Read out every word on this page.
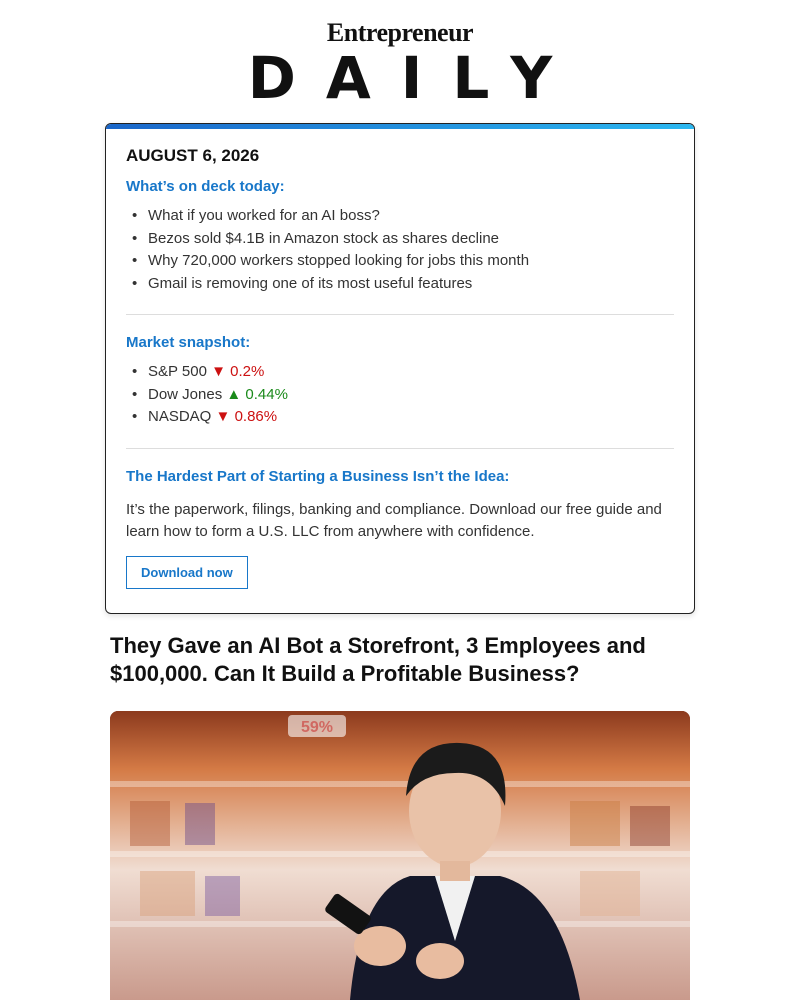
Entrepreneur
DAILY
AUGUST 6, 2026
What’s on deck today:
• What if you worked for an AI boss?
• Bezos sold $4.1B in Amazon stock as shares decline
• Why 720,000 workers stopped looking for jobs this month
• Gmail is removing one of its most useful features
Market snapshot:
• S&P 500 ▼ 0.2%
• Dow Jones ▲ 0.44%
• NASDAQ ▼ 0.86%
The Hardest Part of Starting a Business Isn’t the Idea:
It’s the paperwork, filings, banking and compliance. Download our free guide and learn how to form a U.S. LLC from anywhere with confidence.
Download now
They Gave an AI Bot a Storefront, 3 Employees and $100,000. Can It Build a Profitable Business?
59%
